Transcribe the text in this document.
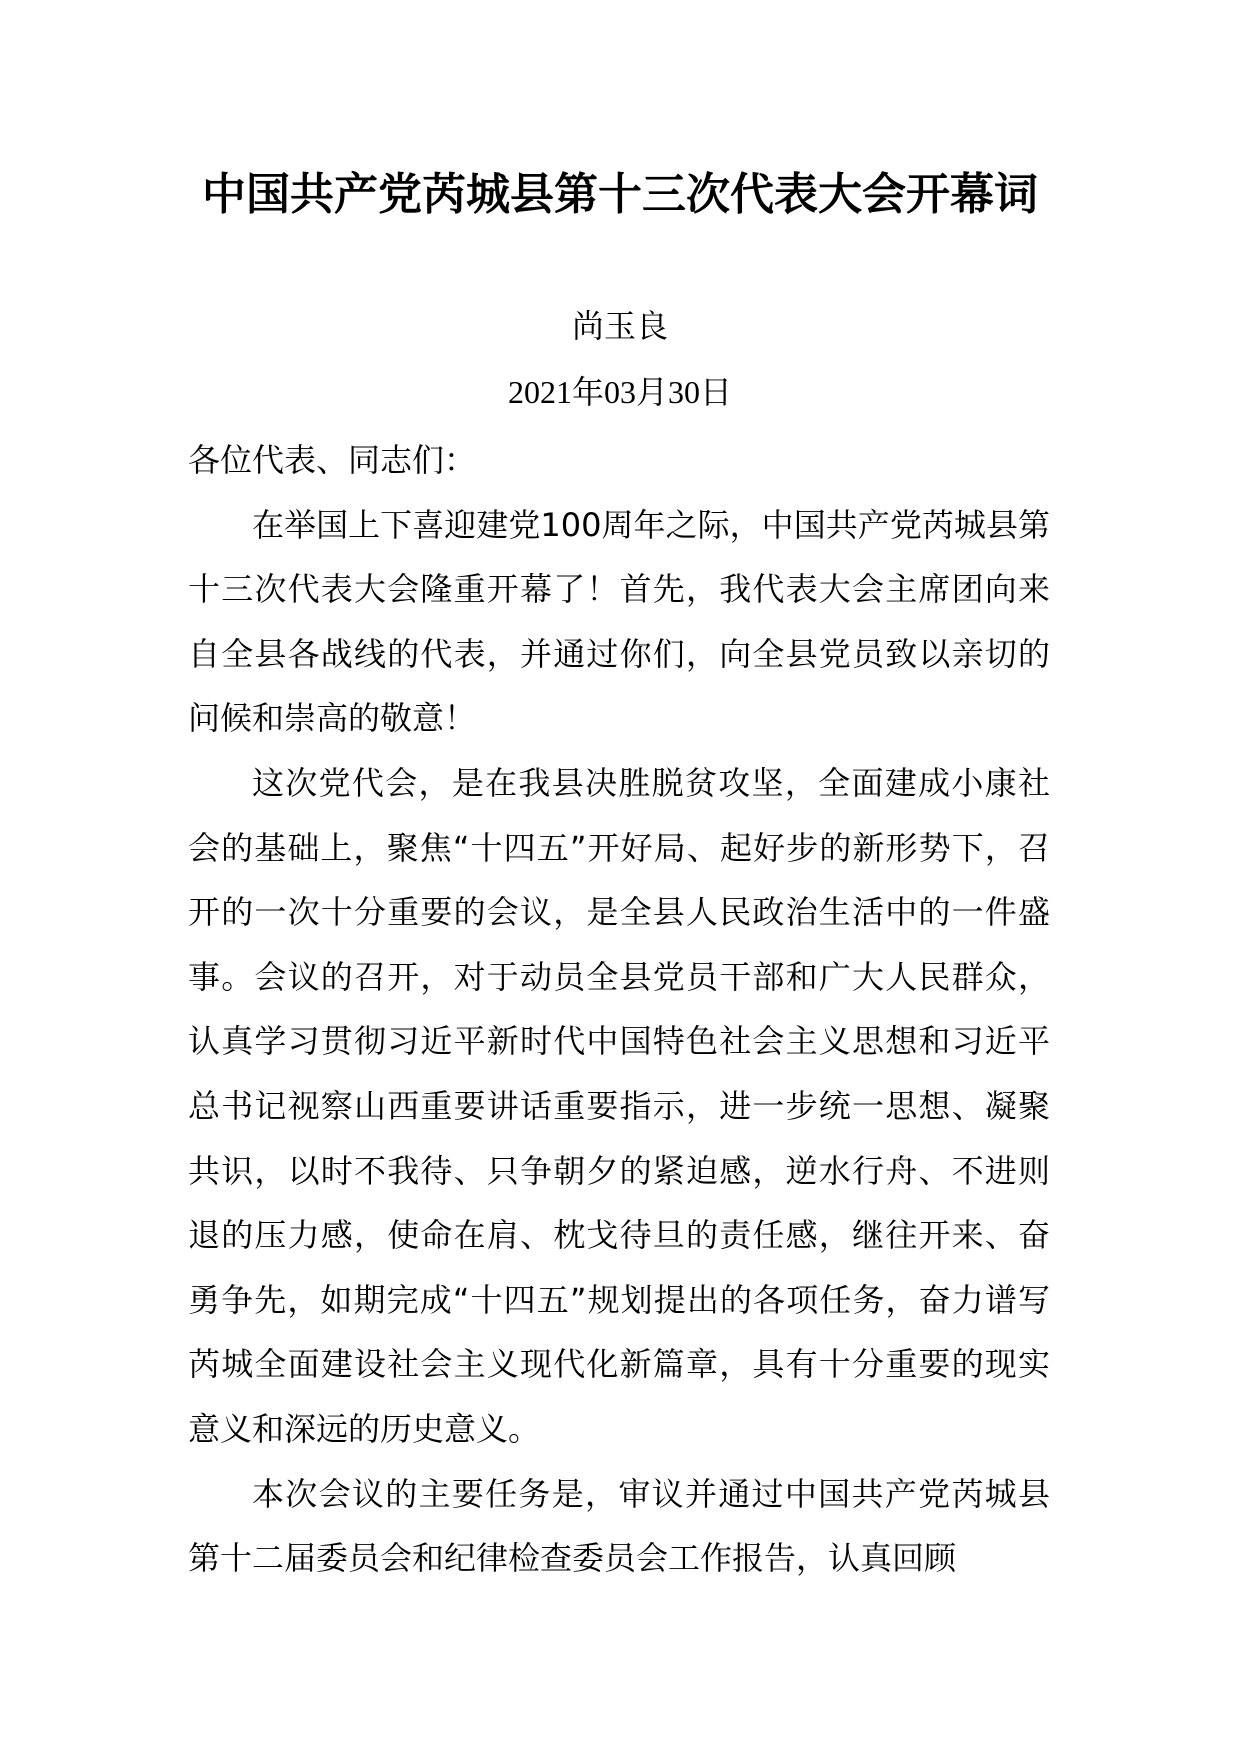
中国共产党芮城县第十三次代表大会开幕词

尚玉良

2021年03月30日

各位代表、同志们：

在举国上下喜迎建党100周年之际，中国共产党芮城县第十三次代表大会隆重开幕了！首先，我代表大会主席团向来自全县各战线的代表，并通过你们，向全县党员致以亲切的问候和崇高的敬意！

这次党代会，是在我县决胜脱贫攻坚，全面建成小康社会的基础上，聚焦“十四五”开好局、起好步的新形势下，召开的一次十分重要的会议，是全县人民政治生活中的一件盛事。会议的召开，对于动员全县党员干部和广大人民群众，认真学习贯彻习近平新时代中国特色社会主义思想和习近平总书记视察山西重要讲话重要指示，进一步统一思想、凝聚共识，以时不我待、只争朝夕的紧迫感，逆水行舟、不进则退的压力感，使命在肩、枕戈待旦的责任感，继往开来、奋勇争先，如期完成“十四五”规划提出的各项任务，奋力谱写芮城全面建设社会主义现代化新篇章，具有十分重要的现实意义和深远的历史意义。

本次会议的主要任务是，审议并通过中国共产党芮城县第十二届委员会和纪律检查委员会工作报告，认真回顾
